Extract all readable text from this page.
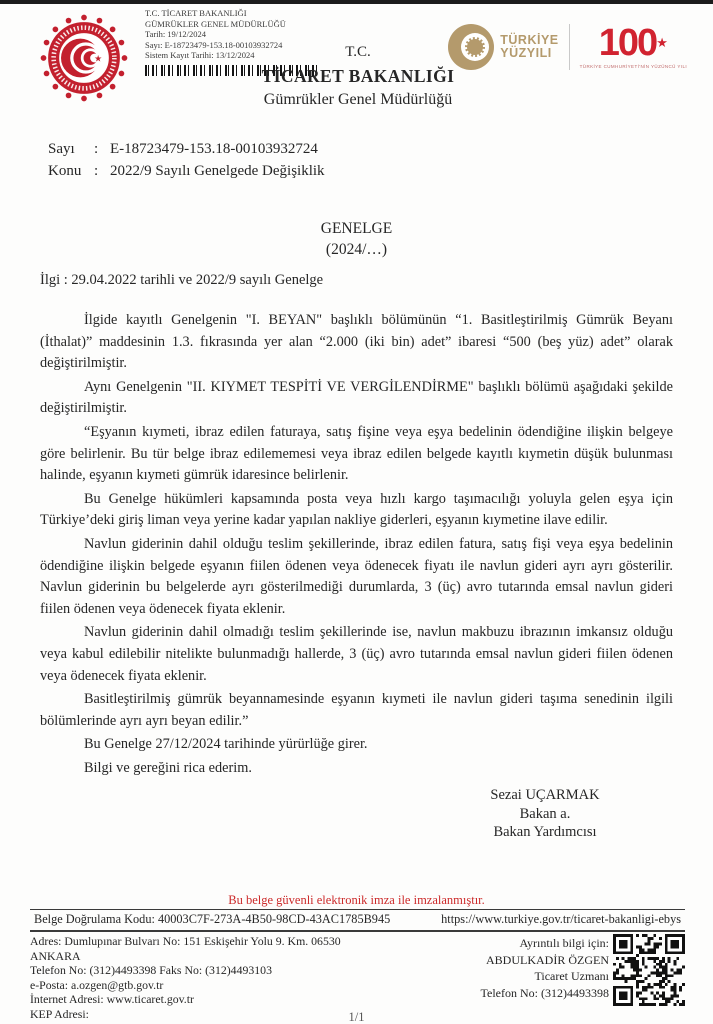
★
T.C. TİCARET BAKANLIĞI
GÜMRÜKLER GENEL MÜDÜRLÜĞÜ
Tarih: 19/12/2024
Sayı: E-18723479-153.18-00103932724
Sistem Kayıt Tarihi: 13/12/2024	T.C.
TİCARET BAKANLIĞI
Gümrükler Genel Müdürlüğü
TÜRKİYE
YÜZYILI	100★
TÜRKİYE CUMHURİYETİ'NİN YÜZÜNCÜ YILI
Sayı	: E-18723479-153.18-00103932724
Konu : 2022/9 Sayılı Genelgede Değişiklik
GENELGE
(2024/…)
İlgi : 29.04.2022 tarihli ve 2022/9 sayılı Genelge

İlgide kayıtlı Genelgenin "I. BEYAN" başlıklı bölümünün “1. Basitleştirilmiş Gümrük Beyanı (İthalat)” maddesinin 1.3. fıkrasında yer alan “2.000 (iki bin) adet” ibaresi “500 (beş yüz) adet” olarak değiştirilmiştir.

Aynı Genelgenin "II. KIYMET TESPİTİ VE VERGİLENDİRME" başlıklı bölümü aşağıdaki şekilde değiştirilmiştir.

“Eşyanın kıymeti, ibraz edilen faturaya, satış fişine veya eşya bedelinin ödendiğine ilişkin belgeye göre belirlenir. Bu tür belge ibraz edilememesi veya ibraz edilen belgede kayıtlı kıymetin düşük bulunması halinde, eşyanın kıymeti gümrük idaresince belirlenir.

Bu Genelge hükümleri kapsamında posta veya hızlı kargo taşımacılığı yoluyla gelen eşya için Türkiye’deki giriş liman veya yerine kadar yapılan nakliye giderleri, eşyanın kıymetine ilave edilir.

Navlun giderinin dahil olduğu teslim şekillerinde, ibraz edilen fatura, satış fişi veya eşya bedelinin ödendiğine ilişkin belgede eşyanın fiilen ödenen veya ödenecek fiyatı ile navlun gideri ayrı ayrı gösterilir. Navlun giderinin bu belgelerde ayrı gösterilmediği durumlarda, 3 (üç) avro tutarında emsal navlun gideri fiilen ödenen veya ödenecek fiyata eklenir.

Navlun giderinin dahil olmadığı teslim şekillerinde ise, navlun makbuzu ibrazının imkansız olduğu veya kabul edilebilir nitelikte bulunmadığı hallerde, 3 (üç) avro tutarında emsal navlun gideri fiilen ödenen veya ödenecek fiyata eklenir.

Basitleştirilmiş gümrük beyannamesinde eşyanın kıymeti ile navlun gideri taşıma senedinin ilgili bölümlerinde ayrı ayrı beyan edilir.”

Bu Genelge 27/12/2024 tarihinde yürürlüğe girer.

Bilgi ve gereğini rica ederim.

Sezai UÇARMAK
Bakan a.
Bakan Yardımcısı
Bu belge güvenli elektronik imza ile imzalanmıştır.
Belge Doğrulama Kodu: 40003C7F-273A-4B50-98CD-43AC1785B945	https://www.turkiye.gov.tr/ticaret-bakanligi-ebys
Adres: Dumlupınar Bulvarı No: 151 Eskişehir Yolu 9. Km. 06530
ANKARA
Telefon No: (312)4493398 Faks No: (312)4493103
e-Posta: a.ozgen@gtb.gov.tr
İnternet Adresi: www.ticaret.gov.tr
KEP Adresi:
Ayrıntılı bilgi için:
ABDULKADİR ÖZGEN
Ticaret Uzmanı
Telefon No: (312)4493398
1/1
